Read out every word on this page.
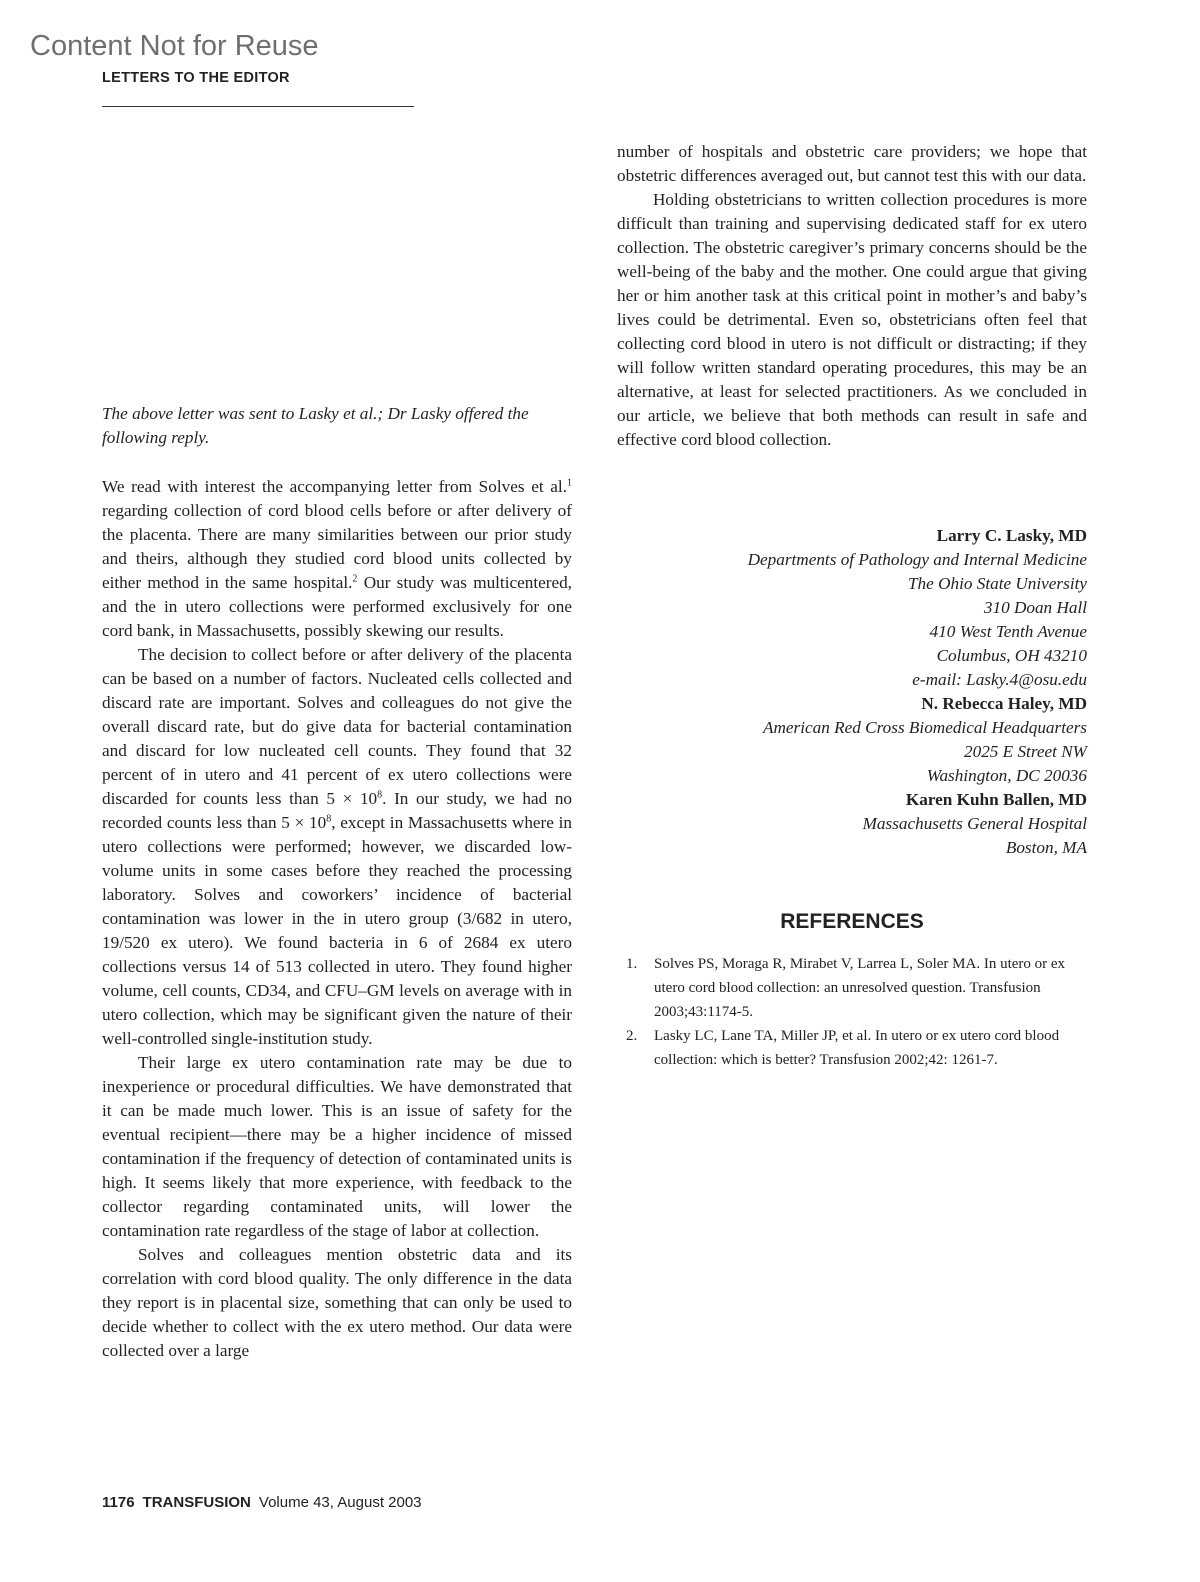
Content Not for Reuse
LETTERS TO THE EDITOR
The above letter was sent to Lasky et al.; Dr Lasky offered the following reply.

We read with interest the accompanying letter from Solves et al.$^1$ regarding collection of cord blood cells before or after delivery of the placenta. There are many similarities between our prior study and theirs, although they studied cord blood units collected by either method in the same hospital.$^2$ Our study was multicentered, and the in utero collections were performed exclusively for one cord bank, in Massachusetts, possibly skewing our results.

The decision to collect before or after delivery of the placenta can be based on a number of factors. Nucleated cells collected and discard rate are important. Solves and colleagues do not give the overall discard rate, but do give data for bacterial contamination and discard for low nucleated cell counts. They found that 32 percent of in utero and 41 percent of ex utero collections were discarded for counts less than $5 \times 10^8$. In our study, we had no recorded counts less than $5 \times 10^8$, except in Massachusetts where in utero collections were performed; however, we discarded low-volume units in some cases before they reached the processing laboratory. Solves and coworkers’ incidence of bacterial contamination was lower in the in utero group (3/682 in utero, 19/520 ex utero). We found bacteria in 6 of 2684 ex utero collections versus 14 of 513 collected in utero. They found higher volume, cell counts, CD34, and CFU–GM levels on average with in utero collection, which may be significant given the nature of their well-controlled single-institution study.

Their large ex utero contamination rate may be due to inexperience or procedural difficulties. We have demonstrated that it can be made much lower. This is an issue of safety for the eventual recipient—there may be a higher incidence of missed contamination if the frequency of detection of contaminated units is high. It seems likely that more experience, with feedback to the collector regarding contaminated units, will lower the contamination rate regardless of the stage of labor at collection.

Solves and colleagues mention obstetric data and its correlation with cord blood quality. The only difference in the data they report is in placental size, something that can only be used to decide whether to collect with the ex utero method. Our data were collected over a large

number of hospitals and obstetric care providers; we hope that obstetric differences averaged out, but cannot test this with our data.

Holding obstetricians to written collection procedures is more difficult than training and supervising dedicated staff for ex utero collection. The obstetric caregiver’s primary concerns should be the well-being of the baby and the mother. One could argue that giving her or him another task at this critical point in mother’s and baby’s lives could be detrimental. Even so, obstetricians often feel that collecting cord blood in utero is not difficult or distracting; if they will follow written standard operating procedures, this may be an alternative, at least for selected practitioners. As we concluded in our article, we believe that both methods can result in safe and effective cord blood collection.

Larry C. Lasky, MD
Departments of Pathology and Internal Medicine
The Ohio State University
310 Doan Hall
410 West Tenth Avenue
Columbus, OH 43210
e-mail: Lasky.4@osu.edu
N. Rebecca Haley, MD
American Red Cross Biomedical Headquarters
2025 E Street NW
Washington, DC 20036
Karen Kuhn Ballen, MD
Massachusetts General Hospital
Boston, MA
REFERENCES
1.	Solves PS, Moraga R, Mirabet V, Larrea L, Soler MA. In utero or ex utero cord blood collection: an unresolved question. Transfusion 2003;43:1174-5.
2.	Lasky LC, Lane TA, Miller JP, et al. In utero or ex utero cord blood collection: which is better? Transfusion 2002;42: 1261-7.
1176 TRANSFUSION Volume 43, August 2003
